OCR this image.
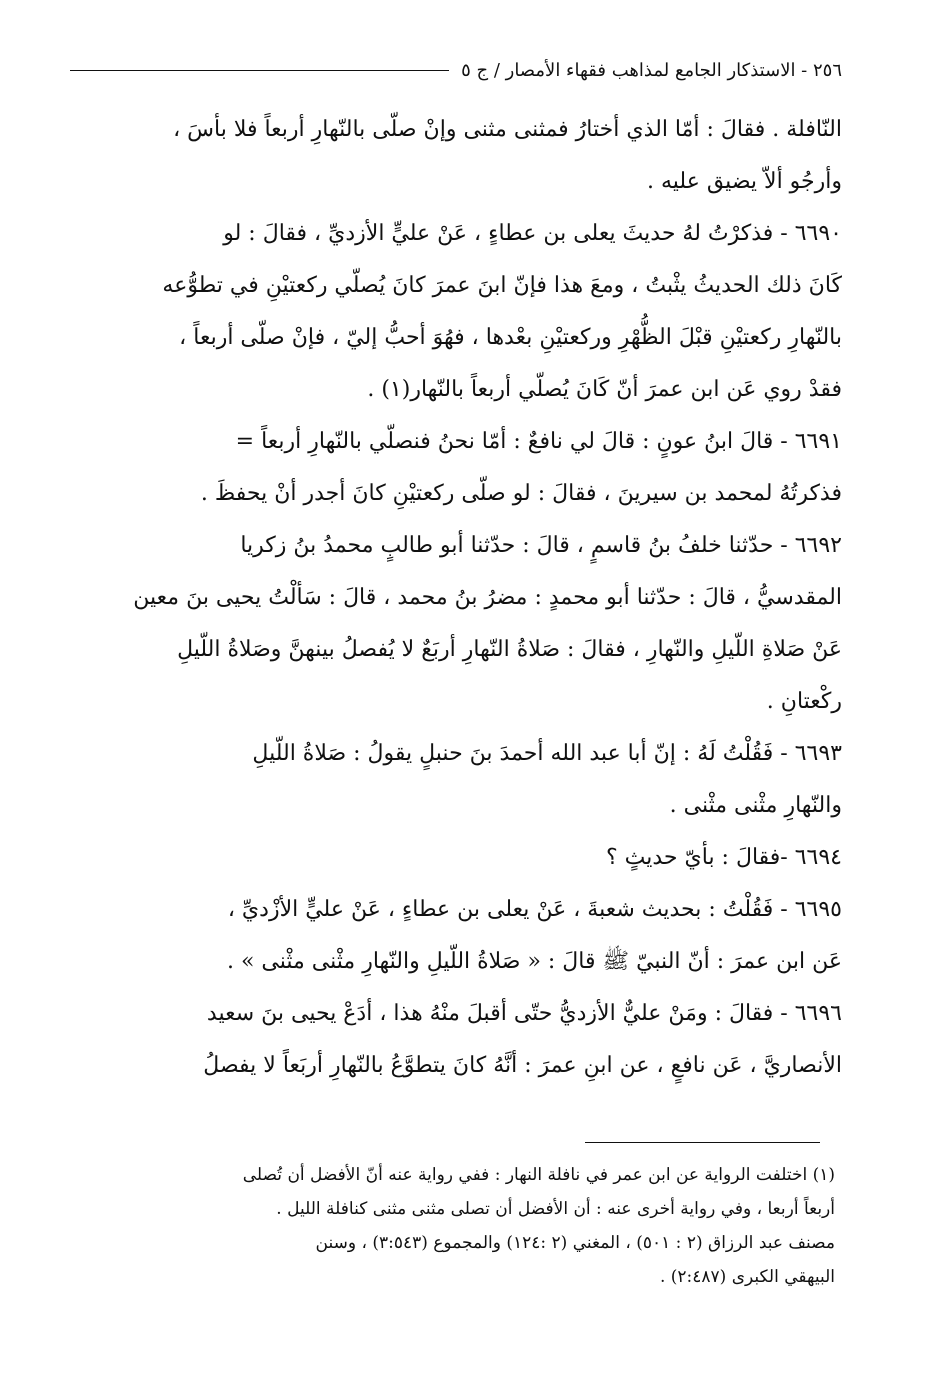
٢٥٦ - الاستذكار الجامع لمذاهب فقهاء الأمصار / ج ٥
النّافلة . فقالَ : أمّا الذي أختارُ فمثنى مثنى وإنْ صلّى بالنّهارِ أربعاً فلا بأسَ ،
وأرجُو ألاّ يضيق عليه .
٦٦٩٠ - فذكرْتُ لهُ حديثَ يعلى بن عطاءٍ ، عَنْ عليٍّ الأزديِّ ، فقالَ : لو
كَانَ ذلك الحديثُ يثْبتُ ، ومعَ هذا فإنّ ابنَ عمرَ كانَ يُصلّي ركعتيْنِ في تطوُّعه
بالنّهارِ ركعتيْنِ قبْلَ الظُّهْرِ وركعتيْنِ بعْدها ، فهُوَ أحبُّ إليّ ، فإنْ صلّى أربعاً ،
فقدْ روي عَن ابن عمرَ أنّ كَانَ يُصلّي أربعاً بالنّهار(١) .
٦٦٩١ - قالَ ابنُ عونٍ : قالَ لي نافعٌ : أمّا نحنُ فنصلّي بالنّهارِ أربعاً =
فذكرتُهُ لمحمد بن سيرينَ ، فقالَ : لو صلّى ركعتيْنِ كانَ أجدر أنْ يحفظَ .
٦٦٩٢ - حدّثنا خلفُ بنُ قاسمٍ ، قالَ : حدّثنا أبو طالبٍ محمدُ بنُ زكريا
المقدسيُّ ، قالَ : حدّثنا أبو محمدٍ : مضرُ بنُ محمد ، قالَ : سَألْتُ يحيى بنَ معين
عَنْ صَلاةِ اللّيلِ والنّهارِ ، فقالَ : صَلاةُ النّهارِ أربَعٌ لا يُفصلُ بينهنَّ وصَلاةُ اللّيلِ
ركْعتانِ .
٦٦٩٣ - فَقُلْتُ لَهُ : إنّ أبا عبد الله أحمدَ بنَ حنبلٍ يقولُ : صَلاةُ اللّيلِ
والنّهارِ مثْنى مثْنى .
٦٦٩٤ -فقالَ : بأيّ حديثٍ ؟
٦٦٩٥ - فَقُلْتُ : بحديث شعبةَ ، عَنْ يعلى بن عطاءٍ ، عَنْ عليٍّ الأزْديِّ ،
عَن ابن عمرَ : أنّ النبيّ ﷺ قالَ : « صَلاةُ اللّيلِ والنّهارِ مثْنى مثْنى » .
٦٦٩٦ - فقالَ : ومَنْ عليٌّ الأزديُّ حتّى أقبلَ منْهُ هذا ، أدَعْ يحيى بنَ سعيد
الأنصاريَّ ، عَن نافعٍ ، عن ابنِ عمرَ : أنَّهُ كانَ يتطوَّعُ بالنّهارِ أربَعاً لا يفصلُ
(١) اختلفت الرواية عن ابن عمر في نافلة النهار : ففي رواية عنه أنّ الأفضل أن تُصلى
أربعاً أربعا ، وفي رواية أخرى عنه : أن الأفضل أن تصلى مثنى مثنى كنافلة الليل .
مصنف عبد الرزاق (٢ : ٥٠١) ، المغني (٢ :١٢٤) والمجموع (٣:٥٤٣) ، وسنن
البيهقي الكبرى (٢:٤٨٧) .
